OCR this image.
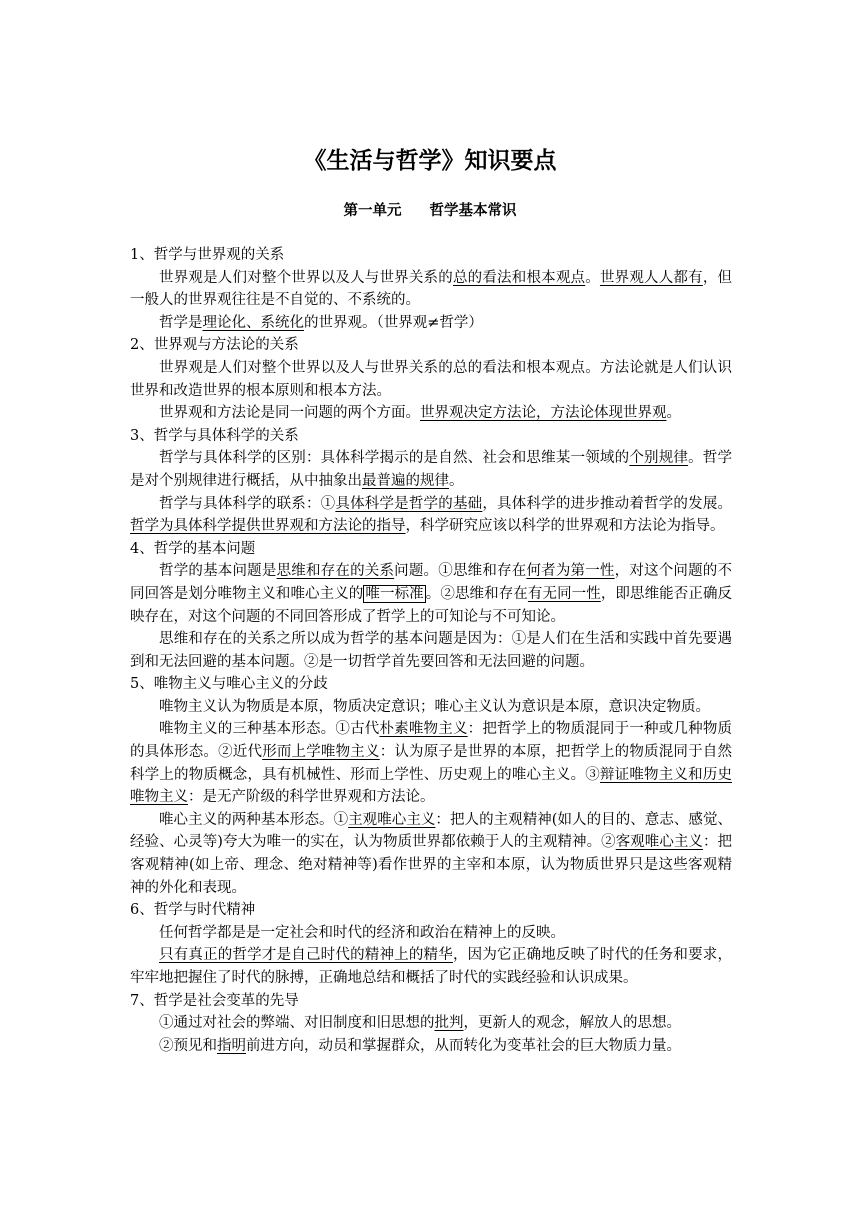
《生活与哲学》知识要点
第一单元 哲学基本常识

1、哲学与世界观的关系

世界观是人们对整个世界以及人与世界关系的总的看法和根本观点。世界观人人都有，但一般人的世界观往往是不自觉的、不系统的。

哲学是理论化、系统化的世界观。（世界观≠哲学）

2、世界观与方法论的关系

世界观是人们对整个世界以及人与世界关系的总的看法和根本观点。方法论就是人们认识世界和改造世界的根本原则和根本方法。

世界观和方法论是同一问题的两个方面。世界观决定方法论，方法论体现世界观。

3、哲学与具体科学的关系

哲学与具体科学的区别：具体科学揭示的是自然、社会和思维某一领域的个别规律。哲学是对个别规律进行概括，从中抽象出最普遍的规律。

哲学与具体科学的联系：①具体科学是哲学的基础，具体科学的进步推动着哲学的发展。哲学为具体科学提供世界观和方法论的指导，科学研究应该以科学的世界观和方法论为指导。

4、哲学的基本问题

哲学的基本问题是思维和存在的关系问题。①思维和存在何者为第一性，对这个问题的不同回答是划分唯物主义和唯心主义的 唯一标准 。②思维和存在有无同一性，即思维能否正确反映存在，对这个问题的不同回答形成了哲学上的可知论与不可知论。

思维和存在的关系之所以成为哲学的基本问题是因为：①是人们在生活和实践中首先要遇到和无法回避的基本问题。②是一切哲学首先要回答和无法回避的问题。

5、唯物主义与唯心主义的分歧

唯物主义认为物质是本原，物质决定意识；唯心主义认为意识是本原，意识决定物质。

唯物主义的三种基本形态。①古代朴素唯物主义：把哲学上的物质混同于一种或几种物质的具体形态。②近代形而上学唯物主义：认为原子是世界的本原，把哲学上的物质混同于自然科学上的物质概念，具有机械性、形而上学性、历史观上的唯心主义。③辩证唯物主义和历史唯物主义：是无产阶级的科学世界观和方法论。

唯心主义的两种基本形态。①主观唯心主义：把人的主观精神(如人的目的、意志、感觉、经验、心灵等)夸大为唯一的实在，认为物质世界都依赖于人的主观精神。②客观唯心主义：把客观精神(如上帝、理念、绝对精神等)看作世界的主宰和本原，认为物质世界只是这些客观精神的外化和表现。

6、哲学与时代精神

任何哲学都是是一定社会和时代的经济和政治在精神上的反映。

只有真正的哲学才是自己时代的精神上的精华，因为它正确地反映了时代的任务和要求，牢牢地把握住了时代的脉搏，正确地总结和概括了时代的实践经验和认识成果。

7、哲学是社会变革的先导

①通过对社会的弊端、对旧制度和旧思想的批判，更新人的观念，解放人的思想。

②预见和指明前进方向，动员和掌握群众，从而转化为变革社会的巨大物质力量。
